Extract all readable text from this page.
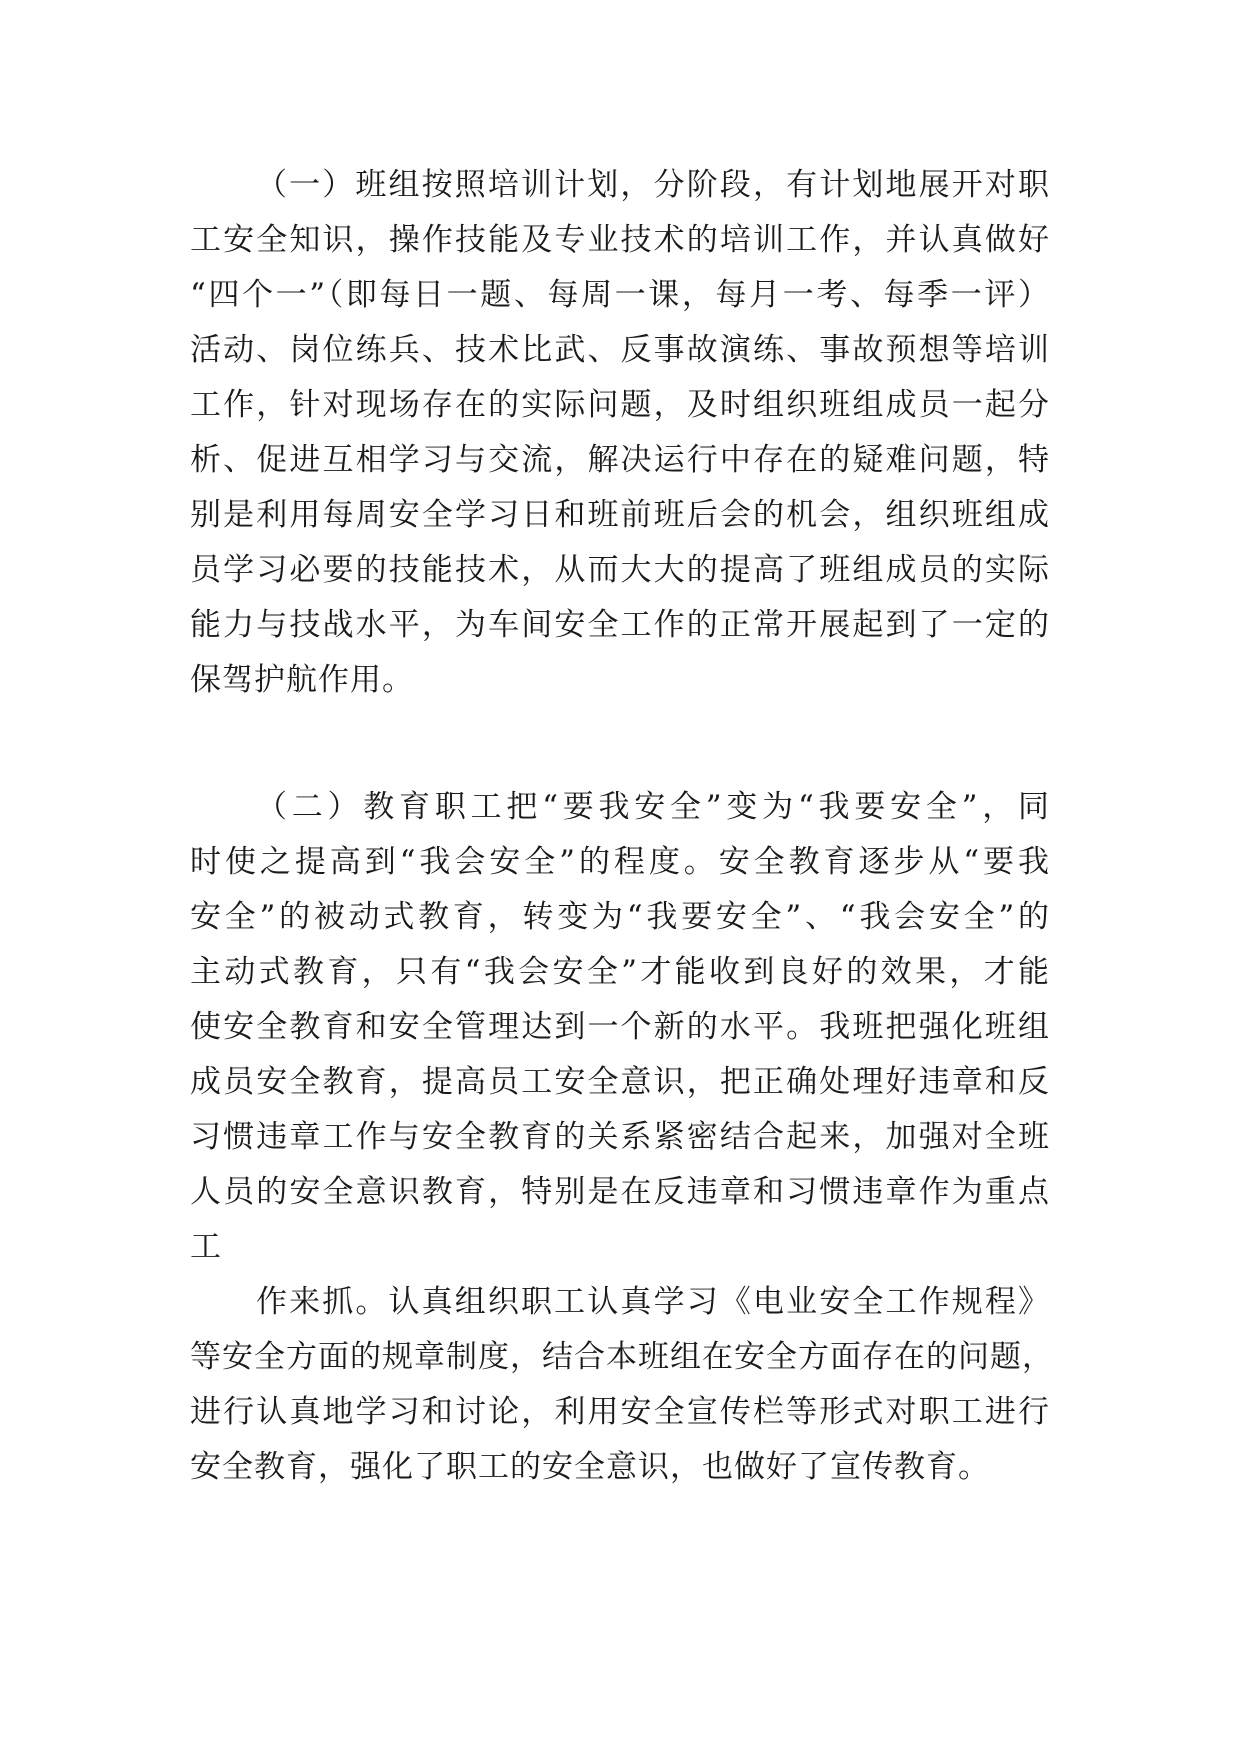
（一）班组按照培训计划，分阶段，有计划地展开对职
工安全知识，操作技能及专业技术的培训工作，并认真做好
“四个一”（即每日一题、每周一课，每月一考、每季一评）
活动、岗位练兵、技术比武、反事故演练、事故预想等培训
工作，针对现场存在的实际问题，及时组织班组成员一起分
析、促进互相学习与交流，解决运行中存在的疑难问题，特
别是利用每周安全学习日和班前班后会的机会，组织班组成
员学习必要的技能技术，从而大大的提高了班组成员的实际
能力与技战水平，为车间安全工作的正常开展起到了一定的
保驾护航作用。
（二）教育职工把“要我安全”变为“我要安全”，同
时使之提高到“我会安全”的程度。安全教育逐步从“要我
安全”的被动式教育，转变为“我要安全”、“我会安全”的
主动式教育，只有“我会安全”才能收到良好的效果，才能
使安全教育和安全管理达到一个新的水平。我班把强化班组
成员安全教育，提高员工安全意识，把正确处理好违章和反
习惯违章工作与安全教育的关系紧密结合起来，加强对全班
人员的安全意识教育，特别是在反违章和习惯违章作为重点
工
作来抓。认真组织职工认真学习《电业安全工作规程》
等安全方面的规章制度，结合本班组在安全方面存在的问题，
进行认真地学习和讨论，利用安全宣传栏等形式对职工进行
安全教育，强化了职工的安全意识，也做好了宣传教育。
